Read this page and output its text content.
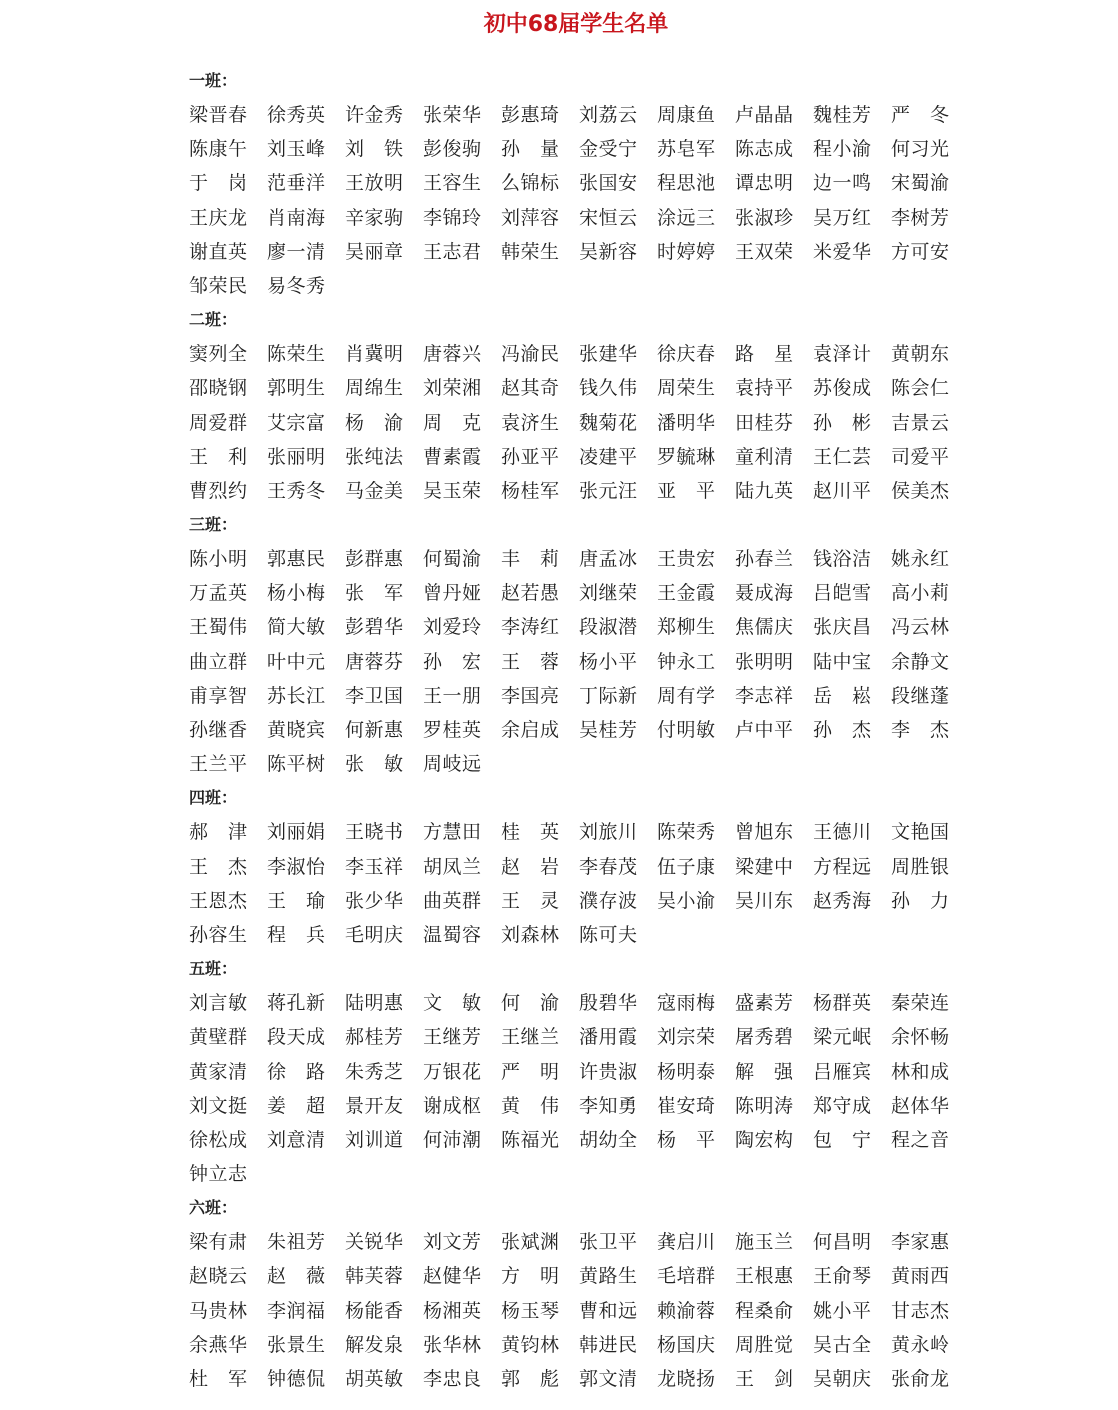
初中68届学生名单
一班：
梁晋春 徐秀英 许金秀 张荣华 彭惠琦 刘荔云 周康鱼 卢晶晶 魏桂芳 严　冬
陈康午 刘玉峰 刘　铁 彭俊驹 孙　量 金受宁 苏皂军 陈志成 程小渝 何习光
于　岗 范垂洋 王放明 王容生 么锦标 张国安 程思池 谭忠明 边一鸣 宋蜀渝
王庆龙 肖南海 辛家驹 李锦玲 刘萍容 宋恒云 涂远三 张淑珍 吴万红 李树芳
谢直英 廖一清 吴丽章 王志君 韩荣生 吴新容 时婷婷 王双荣 米爱华 方可安
邹荣民 易冬秀
二班：
窦列全 陈荣生 肖冀明 唐蓉兴 冯渝民 张建华 徐庆春 路　星 袁泽计 黄朝东
邵晓钢 郭明生 周绵生 刘荣湘 赵其奇 钱久伟 周荣生 袁持平 苏俊成 陈会仁
周爱群 艾宗富 杨　渝 周　克 袁济生 魏菊花 潘明华 田桂芬 孙　彬 吉景云
王　利 张丽明 张纯法 曹素霞 孙亚平 凌建平 罗毓琳 童利清 王仁芸 司爱平
曹烈约 王秀冬 马金美 吴玉荣 杨桂军 张元汪 亚　平 陆九英 赵川平 侯美杰
三班：
陈小明 郭惠民 彭群惠 何蜀渝 丰　莉 唐孟冰 王贵宏 孙春兰 钱浴洁 姚永红
万孟英 杨小梅 张　军 曾丹娅 赵若愚 刘继荣 王金霞 聂成海 吕皑雪 高小莉
王蜀伟 简大敏 彭碧华 刘爱玲 李涛红 段淑潜 郑柳生 焦儒庆 张庆昌 冯云林
曲立群 叶中元 唐蓉芬 孙　宏 王　蓉 杨小平 钟永工 张明明 陆中宝 余静文
甫享智 苏长江 李卫国 王一朋 李国亮 丁际新 周有学 李志祥 岳　崧 段继蓬
孙继香 黄晓宾 何新惠 罗桂英 余启成 吴桂芳 付明敏 卢中平 孙　杰 李　杰
王兰平 陈平树 张　敏 周岐远
四班：
郝　津 刘丽娟 王晓书 方慧田 桂　英 刘旅川 陈荣秀 曾旭东 王德川 文艳国
王　杰 李淑怡 李玉祥 胡凤兰 赵　岩 李春茂 伍子康 梁建中 方程远 周胜银
王恩杰 王　瑜 张少华 曲英群 王　灵 濮存波 吴小渝 吴川东 赵秀海 孙　力
孙容生 程　兵 毛明庆 温蜀容 刘森林 陈可夫
五班：
刘言敏 蒋孔新 陆明惠 文　敏 何　渝 殷碧华 寇雨梅 盛素芳 杨群英 秦荣连
黄壁群 段天成 郝桂芳 王继芳 王继兰 潘用霞 刘宗荣 屠秀碧 梁元岷 余怀畅
黄家清 徐　路 朱秀芝 万银花 严　明 许贵淑 杨明泰 解　强 吕雁宾 林和成
刘文挺 姜　超 景开友 谢成枢 黄　伟 李知勇 崔安琦 陈明涛 郑守成 赵体华
徐松成 刘意清 刘训道 何沛潮 陈福光 胡幼全 杨　平 陶宏构 包　宁 程之音
钟立志
六班：
梁有肃 朱祖芳 关锐华 刘文芳 张斌渊 张卫平 龚启川 施玉兰 何昌明 李家惠
赵晓云 赵　薇 韩芙蓉 赵健华 方　明 黄路生 毛培群 王根惠 王俞琴 黄雨西
马贵林 李润福 杨能香 杨湘英 杨玉琴 曹和远 赖渝蓉 程桑俞 姚小平 甘志杰
余燕华 张景生 解发泉 张华林 黄钧林 韩进民 杨国庆 周胜觉 吴古全 黄永岭
杜　军 钟德侃 胡英敏 李忠良 郭　彪 郭文清 龙晓扬 王　剑 吴朝庆 张俞龙
